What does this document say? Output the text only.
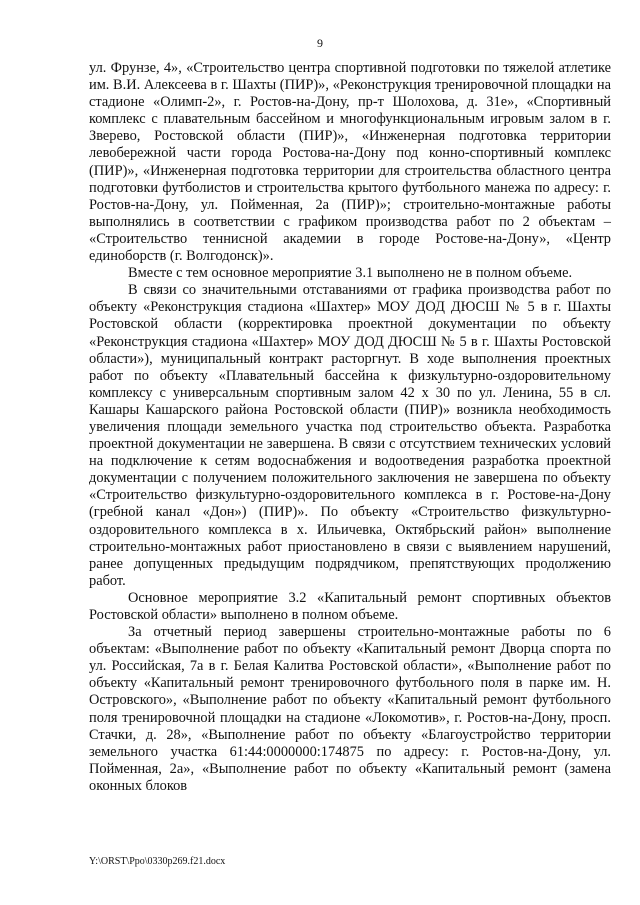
9

ул. Фрунзе, 4», «Строительство центра спортивной подготовки по тяжелой атлетике им. В.И. Алексеева в г. Шахты (ПИР)», «Реконструкция тренировочной площадки на стадионе «Олимп-2», г. Ростов-на-Дону, пр-т Шолохова, д. 31е», «Спортивный комплекс с плавательным бассейном и многофункциональным игровым залом в г. Зверево, Ростовской области (ПИР)», «Инженерная подготовка территории левобережной части города Ростова-на-Дону под конно-спортивный комплекс (ПИР)», «Инженерная подготовка территории для строительства областного центра подготовки футболистов и строительства крытого футбольного манежа по адресу: г. Ростов-на-Дону, ул. Пойменная, 2а (ПИР)»; строительно-монтажные работы выполнялись в соответствии с графиком производства работ по 2 объектам – «Строительство теннисной академии в городе Ростове-на-Дону», «Центр единоборств (г. Волгодонск)».

Вместе с тем основное мероприятие 3.1 выполнено не в полном объеме.

В связи со значительными отставаниями от графика производства работ по объекту «Реконструкция стадиона «Шахтер» МОУ ДОД ДЮСШ № 5 в г. Шахты Ростовской области (корректировка проектной документации по объекту «Реконструкция стадиона «Шахтер» МОУ ДОД ДЮСШ № 5 в г. Шахты Ростовской области»), муниципальный контракт расторгнут. В ходе выполнения проектных работ по объекту «Плавательный бассейна к физкультурно-оздоровительному комплексу с универсальным спортивным залом 42 х 30 по ул. Ленина, 55 в сл. Кашары Кашарского района Ростовской области (ПИР)» возникла необходимость увеличения площади земельного участка под строительство объекта. Разработка проектной документации не завершена. В связи с отсутствием технических условий на подключение к сетям водоснабжения и водоотведения разработка проектной документации с получением положительного заключения не завершена по объекту «Строительство физкультурно-оздоровительного комплекса в г. Ростове-на-Дону (гребной канал «Дон») (ПИР)». По объекту «Строительство физкультурно-оздоровительного комплекса в х. Ильичевка, Октябрьский район» выполнение строительно-монтажных работ приостановлено в связи с выявлением нарушений, ранее допущенных предыдущим подрядчиком, препятствующих продолжению работ.

Основное мероприятие 3.2 «Капитальный ремонт спортивных объектов Ростовской области» выполнено в полном объеме.

За отчетный период завершены строительно-монтажные работы по 6 объектам: «Выполнение работ по объекту «Капитальный ремонт Дворца спорта по ул. Российская, 7а в г. Белая Калитва Ростовской области», «Выполнение работ по объекту «Капитальный ремонт тренировочного футбольного поля в парке им. Н. Островского», «Выполнение работ по объекту «Капитальный ремонт футбольного поля тренировочной площадки на стадионе «Локомотив», г. Ростов-на-Дону, просп. Стачки, д. 28», «Выполнение работ по объекту «Благоустройство территории земельного участка 61:44:0000000:174875 по адресу: г. Ростов-на-Дону, ул. Пойменная, 2а», «Выполнение работ по объекту «Капитальный ремонт (замена оконных блоков

Y:\ORST\Ppo\0330p269.f21.docx
